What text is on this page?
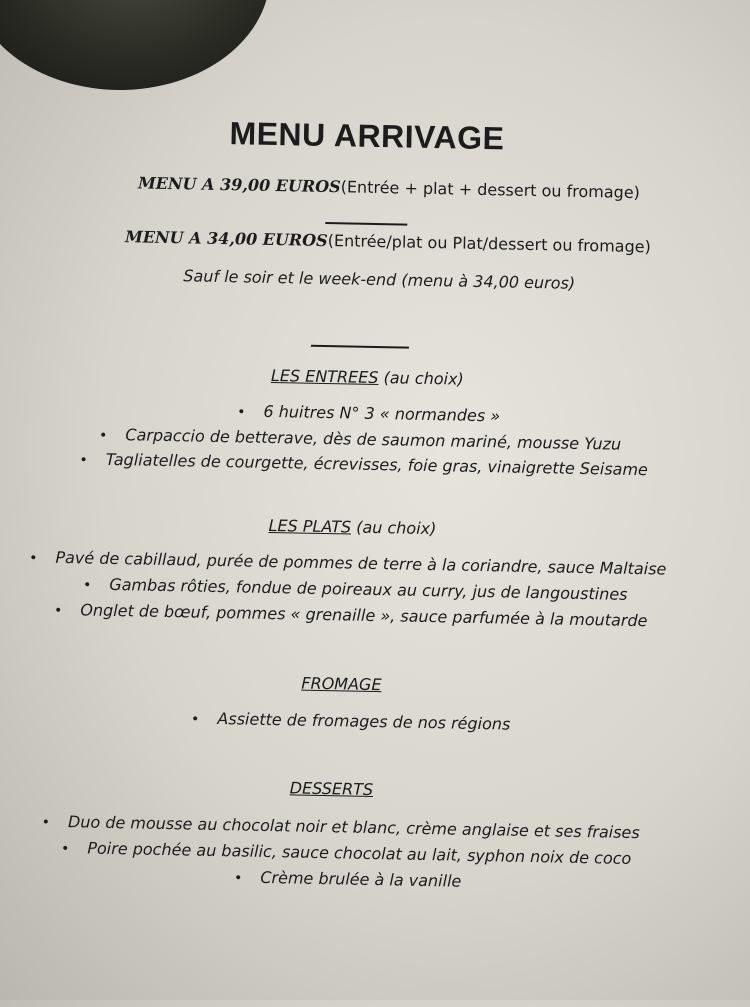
MENU ARRIVAGE
MENU A 39,00 EUROS(Entrée + plat + dessert ou fromage)
MENU A 34,00 EUROS(Entrée/plat ou Plat/dessert ou fromage)
Sauf le soir et le week-end (menu à 34,00 euros)
LES ENTREES (au choix)
• 6 huitres N° 3 « normandes »
• Carpaccio de betterave, dès de saumon mariné, mousse Yuzu
• Tagliatelles de courgette, écrevisses, foie gras, vinaigrette Seisame
LES PLATS (au choix)
• Pavé de cabillaud, purée de pommes de terre à la coriandre, sauce Maltaise
• Gambas rôties, fondue de poireaux au curry, jus de langoustines
• Onglet de bœuf, pommes « grenaille », sauce parfumée à la moutarde
FROMAGE
• Assiette de fromages de nos régions
DESSERTS
• Duo de mousse au chocolat noir et blanc, crème anglaise et ses fraises
• Poire pochée au basilic, sauce chocolat au lait, syphon noix de coco
• Crème brulée à la vanille
